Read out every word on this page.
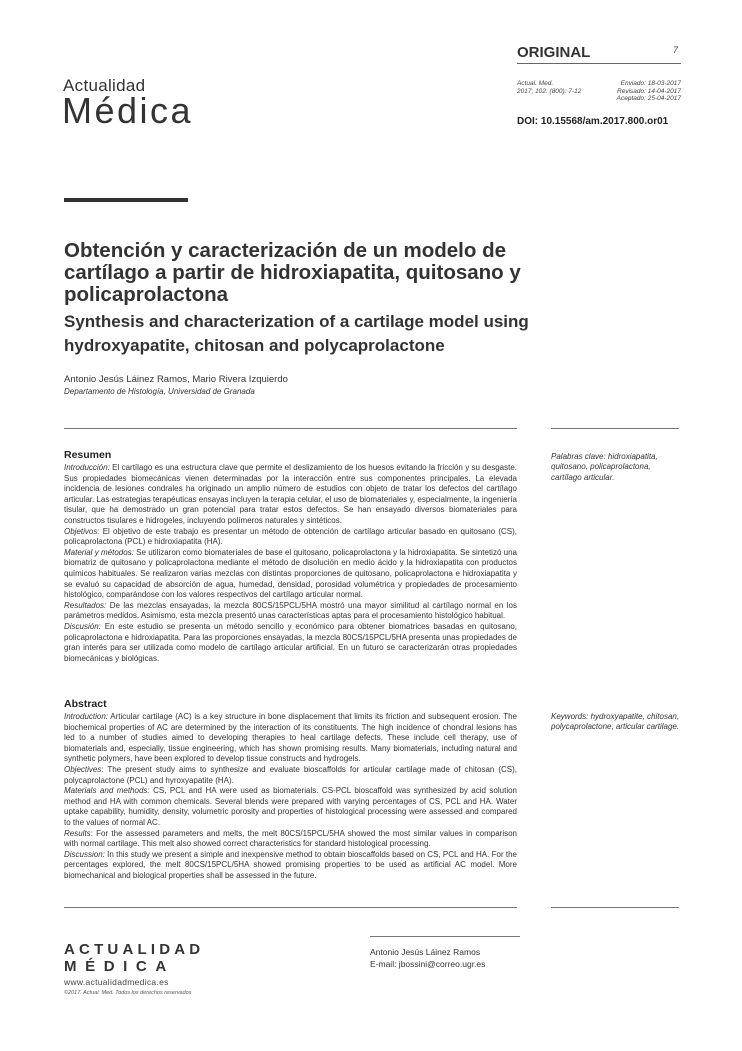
Actualidad
Médica
ORIGINAL	7
Actual. Med.
2017; 102: (800): 7-12
Enviado: 18-03-2017
Revisado: 14-04-2017
Aceptado: 25-04-2017
DOI: 10.15568/am.2017.800.or01
Obtención y caracterización de un modelo de cartílago a partir de hidroxiapatita, quitosano y policaprolactona
Synthesis and characterization of a cartilage model using hydroxyapatite, chitosan and polycaprolactone
Antonio Jesús Láinez Ramos, Mario Rivera Izquierdo
Departamento de Histología, Universidad de Granada
Resumen

Introducción: El cartílago es una estructura clave que permite el deslizamiento de los huesos evitando la fricción y su desgaste. Sus propiedades biomecánicas vienen determinadas por la interacción entre sus componentes principales. La elevada incidencia de lesiones condrales ha originado un amplio número de estudios con objeto de tratar los defectos del cartílago articular. Las estrategias terapéuticas ensayas incluyen la terapia celular, el uso de biomateriales y, especialmente, la ingeniería tisular, que ha demostrado un gran potencial para tratar estos defectos. Se han ensayado diversos biomateriales para constructos tisulares e hidrogeles, incluyendo polímeros naturales y sintéticos.

Objetivos: El objetivo de este trabajo es presentar un método de obtención de cartílago articular basado en quitosano (CS), policaprolactona (PCL) e hidroxiapatita (HA).

Material y métodos: Se utilizaron como biomateriales de base el quitosano, policaprolactona y la hidroxiapatita. Se sintetizó una biomatriz de quitosano y policaprolactona mediante el método de disolución en medio ácido y la hidroxiapatita con productos químicos habituales. Se realizaron varias mezclas con distintas proporciones de quitosano, policaprolactona e hidroxiapatita y se evaluó su capacidad de absorción de agua, humedad, densidad, porosidad volumétrica y propiedades de procesamiento histológico, comparándose con los valores respectivos del cartílago articular normal.

Resultados: De las mezclas ensayadas, la mezcla 80CS/15PCL/5HA mostró una mayor similitud al cartílago normal en los parámetros medidos. Asimismo, esta mezcla presentó unas características aptas para el procesamiento histológico habitual.

Discusión: En este estudio se presenta un método sencillo y económico para obtener biomatrices basadas en quitosano, policaprolactona e hidroxiapatita. Para las proporciones ensayadas, la mezcla 80CS/15PCL/5HA presenta unas propiedades de gran interés para ser utilizada como modelo de cartílago articular artificial. En un futuro se caracterizarán otras propiedades biomecánicas y biológicas.

Palabras clave: hidroxiapatita, quitosano, policaprolactona, cartílago articular.
Abstract

Introduction: Articular cartilage (AC) is a key structure in bone displacement that limits its friction and subsequent erosion. The biochemical properties of AC are determined by the interaction of its constituents. The high incidence of chondral lesions has led to a number of studies aimed to developing therapies to heal cartilage defects. These include cell therapy, use of biomaterials and, especially, tissue engineering, which has shown promising results. Many biomaterials, including natural and synthetic polymers, have been explored to develop tissue constructs and hydrogels.

Objectives: The present study aims to synthesize and evaluate bioscaffolds for articular cartilage made of chitosan (CS), polycaprolactone (PCL) and hyroxyapatite (HA).

Materials and methods: CS, PCL and HA were used as biomaterials. CS-PCL bioscaffold was synthesized by acid solution method and HA with common chemicals. Several blends were prepared with varying percentages of CS, PCL and HA. Water uptake capability, humidity, density, volumetric porosity and properties of histological processing were assessed and compared to the values of normal AC.

Results: For the assessed parameters and melts, the melt 80CS/15PCL/5HA showed the most similar values in comparison with normal cartilage. This melt also showed correct characteristics for standard histological processing.

Discussion: In this study we present a simple and inexpensive method to obtain bioscaffolds based on CS, PCL and HA. For the percentages explored, the melt 80CS/15PCL/5HA showed promising properties to be used as artificial AC model. More biomechanical and biological properties shall be assessed in the future.

Keywords: hydroxyapatite, chitosan, polycaprolactone, articular cartilage.
ACTUALIDAD
MÉDICA
www.actualidadmedica.es
©2017. Actual. Med. Todos los derechos reservados
Antonio Jesús Láinez Ramos
E-mail: jbossini@correo.ugr.es
